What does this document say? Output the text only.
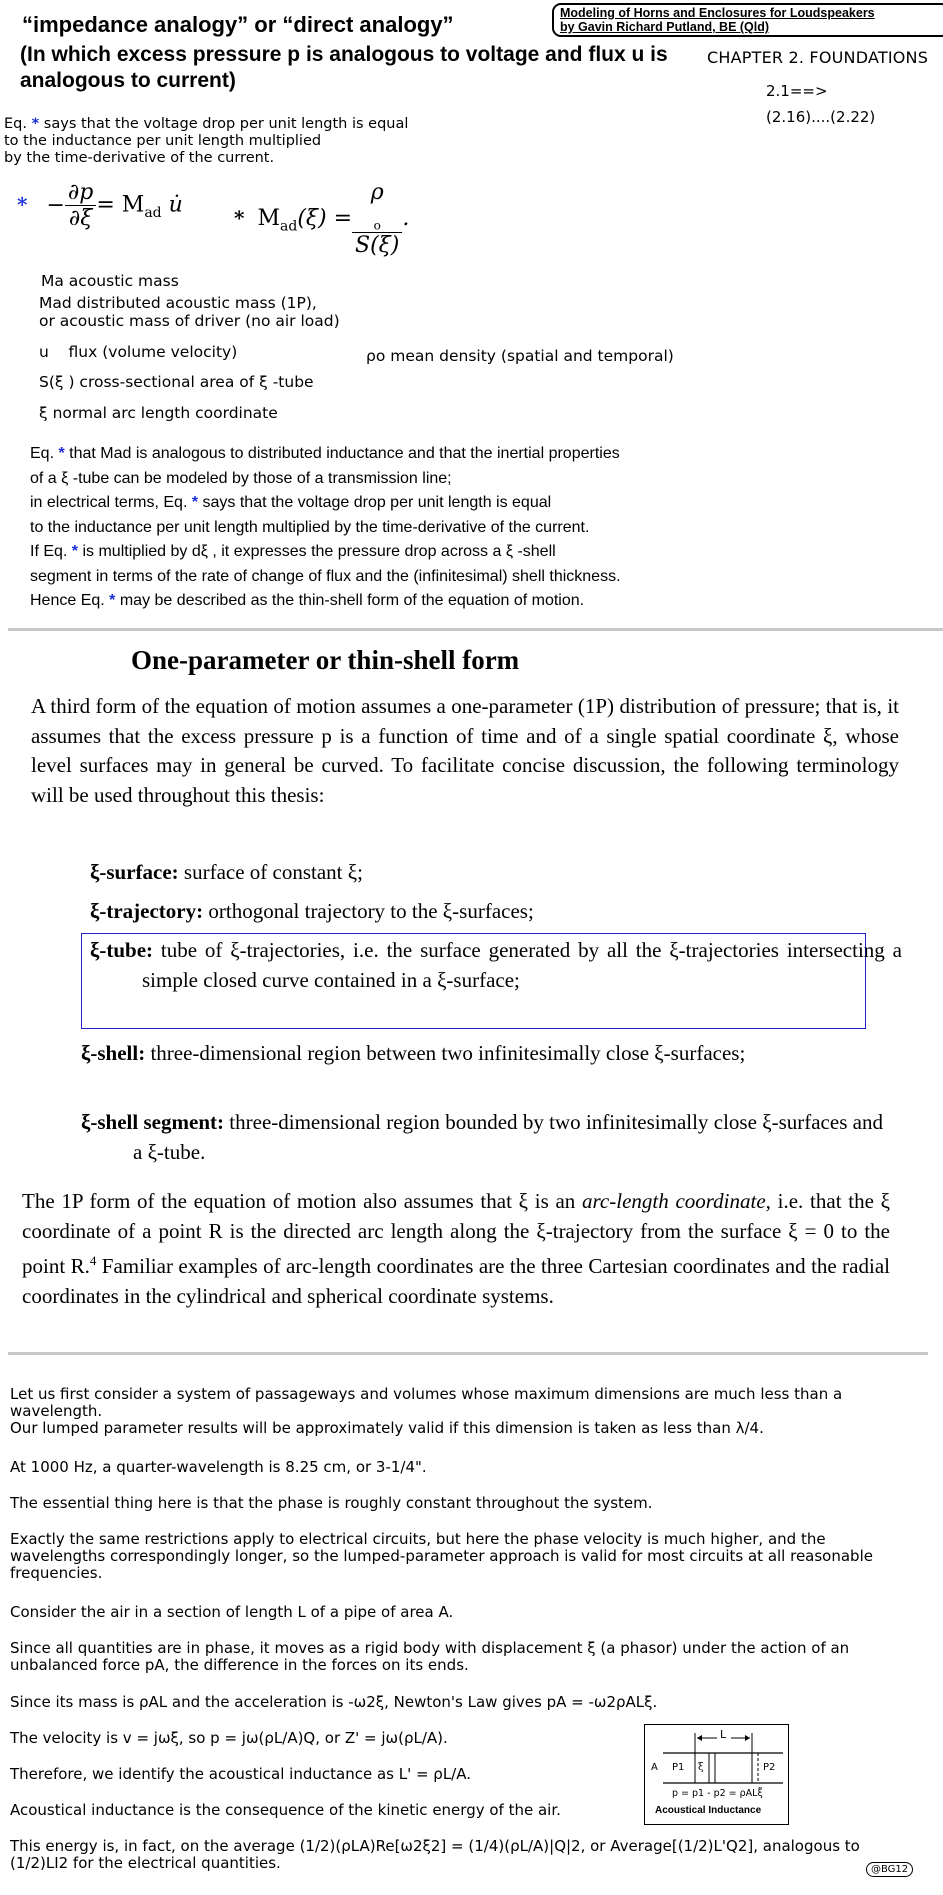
“impedance analogy” or “direct analogy”
(In which excess pressure p is analogous to voltage and flux u is analogous to current)
Modeling of Horns and Enclosures for Loudspeakers
by Gavin Richard Putland, BE (Qld)
CHAPTER 2. FOUNDATIONS
2.1==>
(2.16)....(2.22)
Eq. * says that the voltage drop per unit length is equal
to the inductance per unit length multiplied
by the time-derivative of the current.
* − $\frac{\partial p}{\partial\xi} = M_{ad}$ u̇
* $M_{ad}(\xi) = \rho$
$_o$
S(ξ) .
Ma acoustic mass
Mad distributed acoustic mass (1P),
or acoustic mass of driver (no air load)
u    flux (volume velocity)	ρo mean density (spatial and temporal)
S(ξ ) cross-sectional area of ξ -tube
ξ normal arc length coordinate
Eq. * that Mad is analogous to distributed inductance and that the inertial properties
of a ξ -tube can be modeled by those of a transmission line;
in electrical terms, Eq. * says that the voltage drop per unit length is equal
to the inductance per unit length multiplied by the time-derivative of the current.
If Eq. * is multiplied by dξ , it expresses the pressure drop across a ξ -shell
segment in terms of the rate of change of flux and the (infinitesimal) shell thickness.
Hence Eq. * may be described as the thin-shell form of the equation of motion.
One-parameter or thin-shell form
A third form of the equation of motion assumes a one-parameter (1P) distribution of pressure; that is, it assumes that the excess pressure p is a function of time and of a single spatial coordinate ξ, whose level surfaces may in general be curved. To facilitate concise discussion, the following terminology will be used throughout this thesis:
ξ-surface: surface of constant ξ;
ξ-trajectory: orthogonal trajectory to the ξ-surfaces;
ξ-tube: tube of ξ-trajectories, i.e. the surface generated by all the ξ-trajectories intersecting a simple closed curve contained in a ξ-surface;
ξ-shell: three-dimensional region between two infinitesimally close ξ-surfaces;
ξ-shell segment: three-dimensional region bounded by two infinitesimally close ξ-surfaces and a ξ-tube.
The 1P form of the equation of motion also assumes that ξ is an arc-length coordinate, i.e. that the ξ coordinate of a point R is the directed arc length along the ξ-trajectory from the surface ξ = 0 to the point R.$^4$ Familiar examples of arc-length coordinates are the three Cartesian coordinates and the radial coordinates in the cylindrical and spherical coordinate systems.
Let us first consider a system of passageways and volumes whose maximum dimensions are much less than a wavelength.
Our lumped parameter results will be approximately valid if this dimension is taken as less than λ/4.
At 1000 Hz, a quarter-wavelength is 8.25 cm, or 3-1/4".
The essential thing here is that the phase is roughly constant throughout the system.
Exactly the same restrictions apply to electrical circuits, but here the phase velocity is much higher, and the wavelengths correspondingly longer, so the lumped-parameter approach is valid for most circuits at all reasonable frequencies.
Consider the air in a section of length L of a pipe of area A.
Since all quantities are in phase, it moves as a rigid body with displacement ξ (a phasor) under the action of an unbalanced force pA, the difference in the forces on its ends.
Since its mass is ρAL and the acceleration is -ω2ξ, Newton's Law gives pA = -ω2ρALξ.
The velocity is v = jωξ, so p = jω(ρL/A)Q, or Z' = jω(ρL/A).
Therefore, we identify the acoustical inductance as L' = ρL/A.
Acoustical inductance is the consequence of the kinetic energy of the air.
This energy is, in fact, on the average (1/2)(ρLA)Re[ω2ξ2] = (1/4)(ρL/A)|Q|2, or Average[(1/2)L'Q2], analogous to (1/2)LI2 for the electrical quantities.
L
A P1 ξ	P2
p = p1 - p2 = ρALξ̈
Acoustical Inductance
@BG12
